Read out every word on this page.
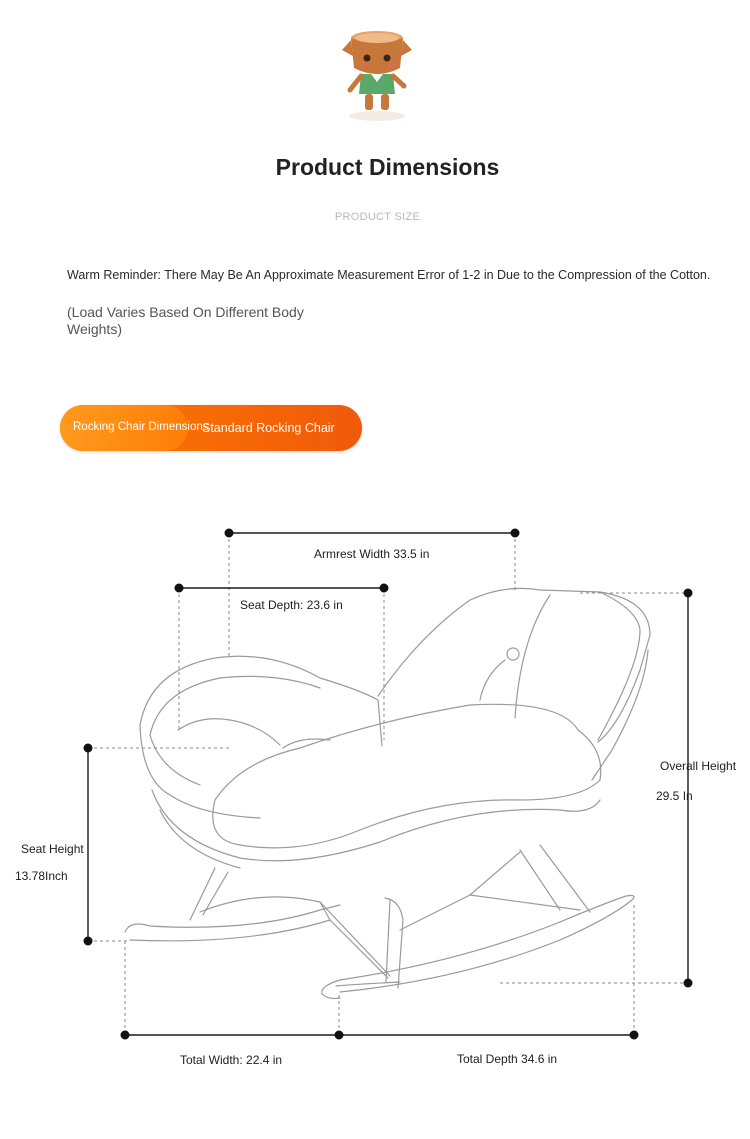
Product Dimensions
PRODUCT SIZE
Warm Reminder: There May Be An Approximate Measurement Error of 1-2 in Due to the Compression of the Cotton.
(Load Varies Based On Different Body Weights)
Rocking Chair Dimensions
Standard Rocking Chair
Armrest Width 33.5 in
Seat Depth: 23.6 in
Overall Height
29.5 In
Seat Height
13.78Inch
Total Width: 22.4 in	Total Depth 34.6 in
